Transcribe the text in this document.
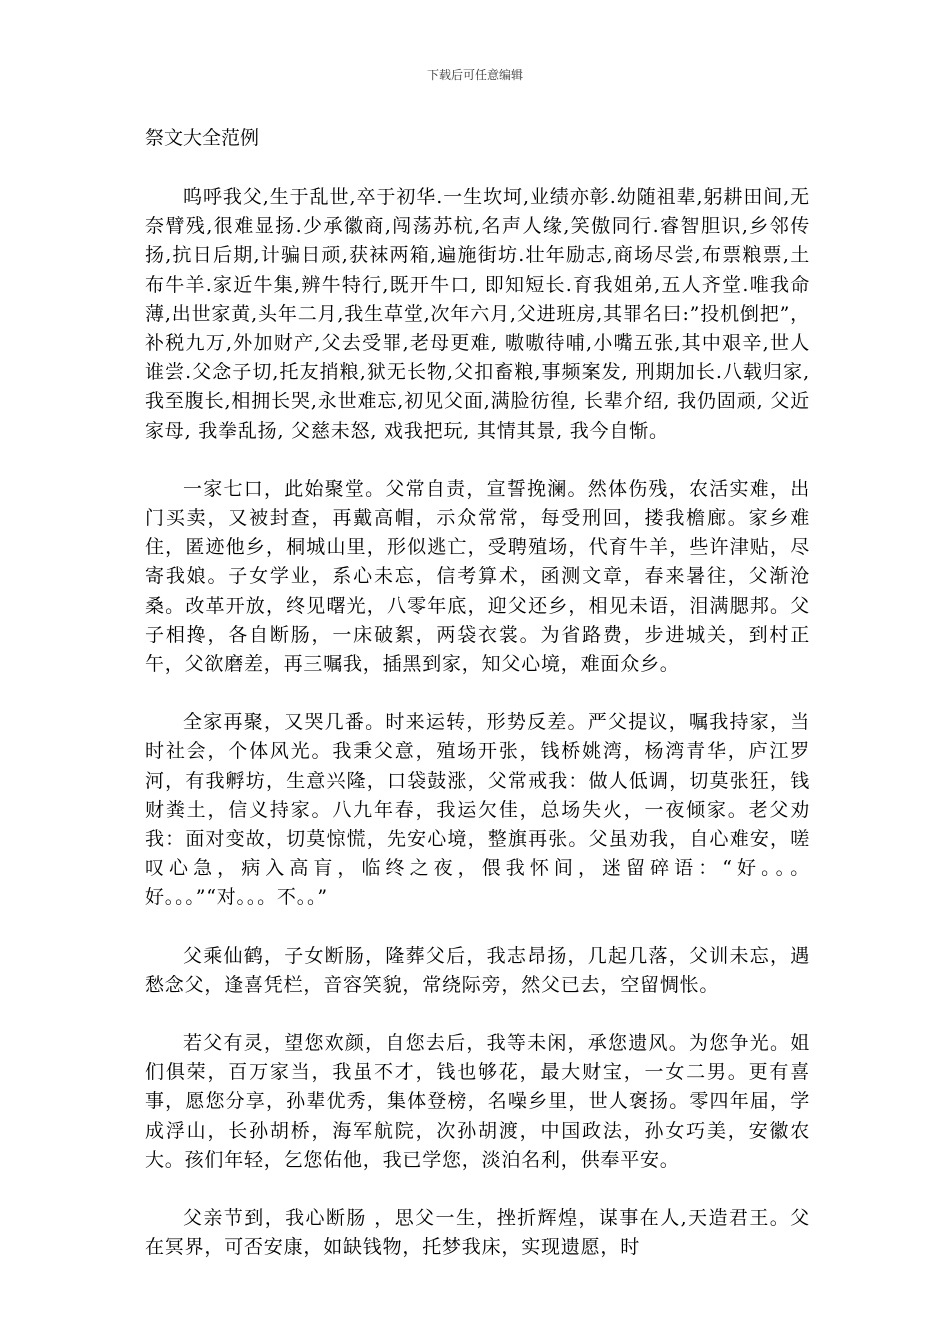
下载后可任意编辑
祭文大全范例

呜呼我父,生于乱世,卒于初华.一生坎坷,业绩亦彰.幼随祖辈,躬耕田间,无奈臂残,很难显扬.少承徽商,闯荡苏杭,名声人缘,笑傲同行.睿智胆识,乡邻传扬,抗日后期,计骗日顽,获袜两箱,遍施街坊.壮年励志,商场尽尝,布票粮票,土布牛羊.家近牛集,辨牛特行,既开牛口, 即知短长.育我姐弟,五人齐堂.唯我命薄,出世家黄,头年二月,我生草堂,次年六月,父进班房,其罪名曰:”投机倒把”，补税九万,外加财产,父去受罪,老母更难, 嗷嗷待哺,小嘴五张,其中艰辛,世人谁尝.父念子切,托友捎粮,狱无长物,父扣畜粮,事频案发, 刑期加长.八载归家,我至腹长,相拥长哭,永世难忘,初见父面,满脸彷徨, 长辈介绍, 我仍固顽, 父近家母, 我拳乱扬, 父慈未怒, 戏我把玩, 其情其景, 我今自惭。

一家七口，此始聚堂。父常自责，宣誓挽澜。然体伤残，农活实难，出门买卖，又被封查，再戴高帽，示众常常，每受刑回，搂我檐廊。家乡难住，匿迹他乡，桐城山里，形似逃亡，受聘殖场，代育牛羊，些许津贴，尽寄我娘。子女学业，系心未忘，信考算术，函测文章，春来暑往，父渐沧桑。改革开放，终见曙光，八零年底，迎父还乡，相见未语，泪满腮邦。父子相搀，各自断肠，一床破絮，两袋衣裳。为省路费，步进城关，到村正午，父欲磨差，再三嘱我，插黑到家，知父心境，难面众乡。

全家再聚，又哭几番。时来运转，形势反差。严父提议，嘱我持家，当时社会，个体风光。我秉父意，殖场开张，钱桥姚湾，杨湾青华，庐江罗河，有我孵坊，生意兴隆，口袋鼓涨，父常戒我：做人低调，切莫张狂，钱财粪土，信义持家。八九年春，我运欠佳，总场失火，一夜倾家。老父劝我：面对变故，切莫惊慌，先安心境，整旗再张。父虽劝我，自心难安，嗟叹心急，病入高肓，临终之夜，偎我怀间，迷留碎语：“好。。。好。。。”“对。。。不。。”

父乘仙鹤，子女断肠，隆葬父后，我志昂扬，几起几落，父训未忘，遇愁念父，逢喜凭栏，音容笑貌，常绕际旁，然父已去，空留惆怅。

若父有灵，望您欢颜，自您去后，我等未闲，承您遗风。为您争光。姐们俱荣，百万家当，我虽不才，钱也够花，最大财宝，一女二男。更有喜事，愿您分享，孙辈优秀，集体登榜，名噪乡里，世人褒扬。零四年届，学成浮山，长孙胡桥，海军航院，次孙胡渡，中国政法，孙女巧美，安徽农大。孩们年轻，乞您佑他，我已学您，淡泊名利，供奉平安。

父亲节到，我心断肠 ，思父一生，挫折辉煌，谋事在人,天造君王。父在冥界，可否安康，如缺钱物，托梦我床，实现遗愿，时
